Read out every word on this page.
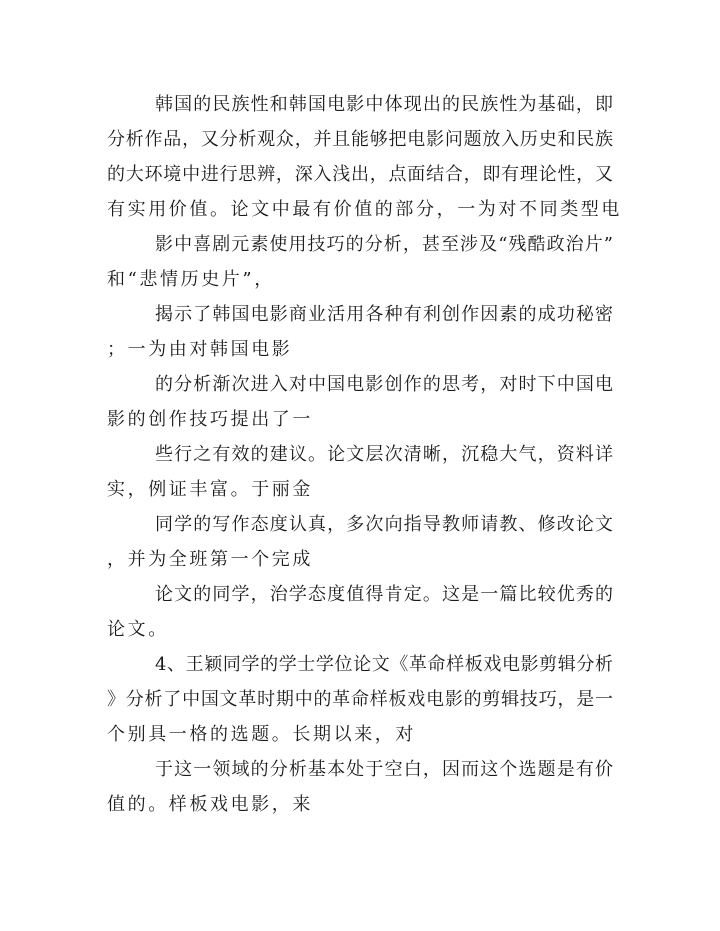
韩国的民族性和韩国电影中体现出的民族性为基础，即
分析作品，又分析观众，并且能够把电影问题放入历史和民族
的大环境中进行思辨，深入浅出，点面结合，即有理论性，又
有实用价值。论文中最有价值的部分，一为对不同类型电
影中喜剧元素使用技巧的分析，甚至涉及“残酷政治片”
和“悲情历史片”，
揭示了韩国电影商业活用各种有利创作因素的成功秘密
；一为由对韩国电影
的分析渐次进入对中国电影创作的思考，对时下中国电
影的创作技巧提出了一
些行之有效的建议。论文层次清晰，沉稳大气，资料详
实，例证丰富。于丽金
同学的写作态度认真，多次向指导教师请教、修改论文
，并为全班第一个完成
论文的同学，治学态度值得肯定。这是一篇比较优秀的
论文。
4、王颖同学的学士学位论文《革命样板戏电影剪辑分析
》分析了中国文革时期中的革命样板戏电影的剪辑技巧，是一
个别具一格的选题。长期以来，对
于这一领域的分析基本处于空白，因而这个选题是有价
值的。样板戏电影，来
